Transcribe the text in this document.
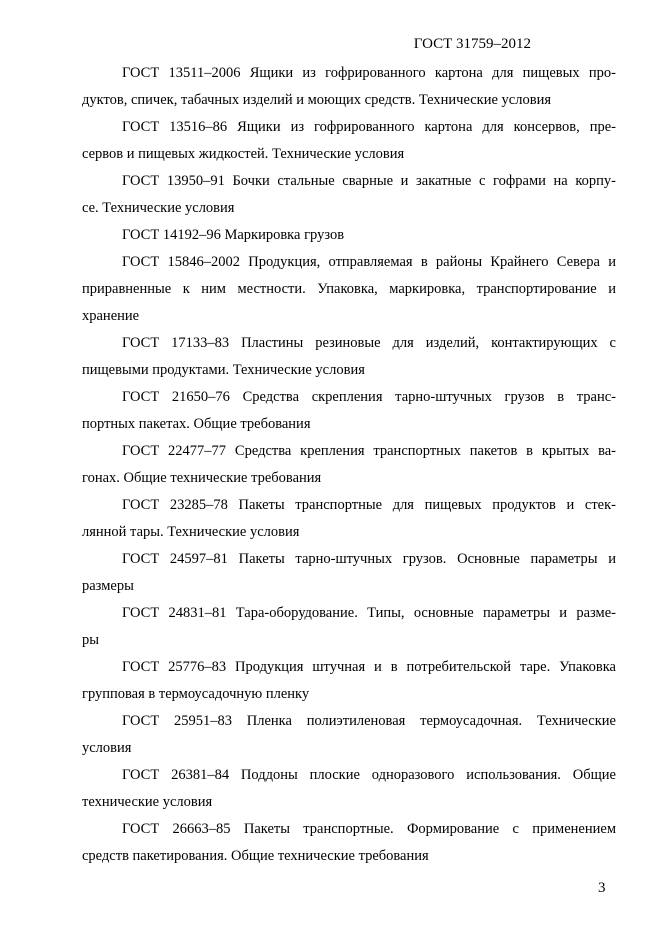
ГОСТ 31759–2012
ГОСТ 13511–2006 Ящики из гофрированного картона для пищевых про-
дуктов, спичек, табачных изделий и моющих средств. Технические условия
ГОСТ 13516–86 Ящики из гофрированного картона для консервов, пре-
сервов и пищевых жидкостей. Технические условия
ГОСТ 13950–91 Бочки стальные сварные и закатные с гофрами на корпу-
се. Технические условия
ГОСТ 14192–96 Маркировка грузов
ГОСТ 15846–2002 Продукция, отправляемая в районы Крайнего Севера и
приравненные к ним местности. Упаковка, маркировка, транспортирование и
хранение
ГОСТ 17133–83 Пластины резиновые для изделий, контактирующих с
пищевыми продуктами. Технические условия
ГОСТ 21650–76 Средства скрепления тарно-штучных грузов в транс-
портных пакетах. Общие требования
ГОСТ 22477–77 Средства крепления транспортных пакетов в крытых ва-
гонах. Общие технические требования
ГОСТ 23285–78 Пакеты транспортные для пищевых продуктов и стек-
лянной тары. Технические условия
ГОСТ 24597–81 Пакеты тарно-штучных грузов. Основные параметры и
размеры
ГОСТ 24831–81 Тара-оборудование. Типы, основные параметры и разме-
ры
ГОСТ 25776–83 Продукция штучная и в потребительской таре. Упаковка
групповая в термоусадочную пленку
ГОСТ 25951–83 Пленка полиэтиленовая термоусадочная. Технические
условия
ГОСТ 26381–84 Поддоны плоские одноразового использования. Общие
технические условия
ГОСТ 26663–85 Пакеты транспортные. Формирование с применением
средств пакетирования. Общие технические требования
3
